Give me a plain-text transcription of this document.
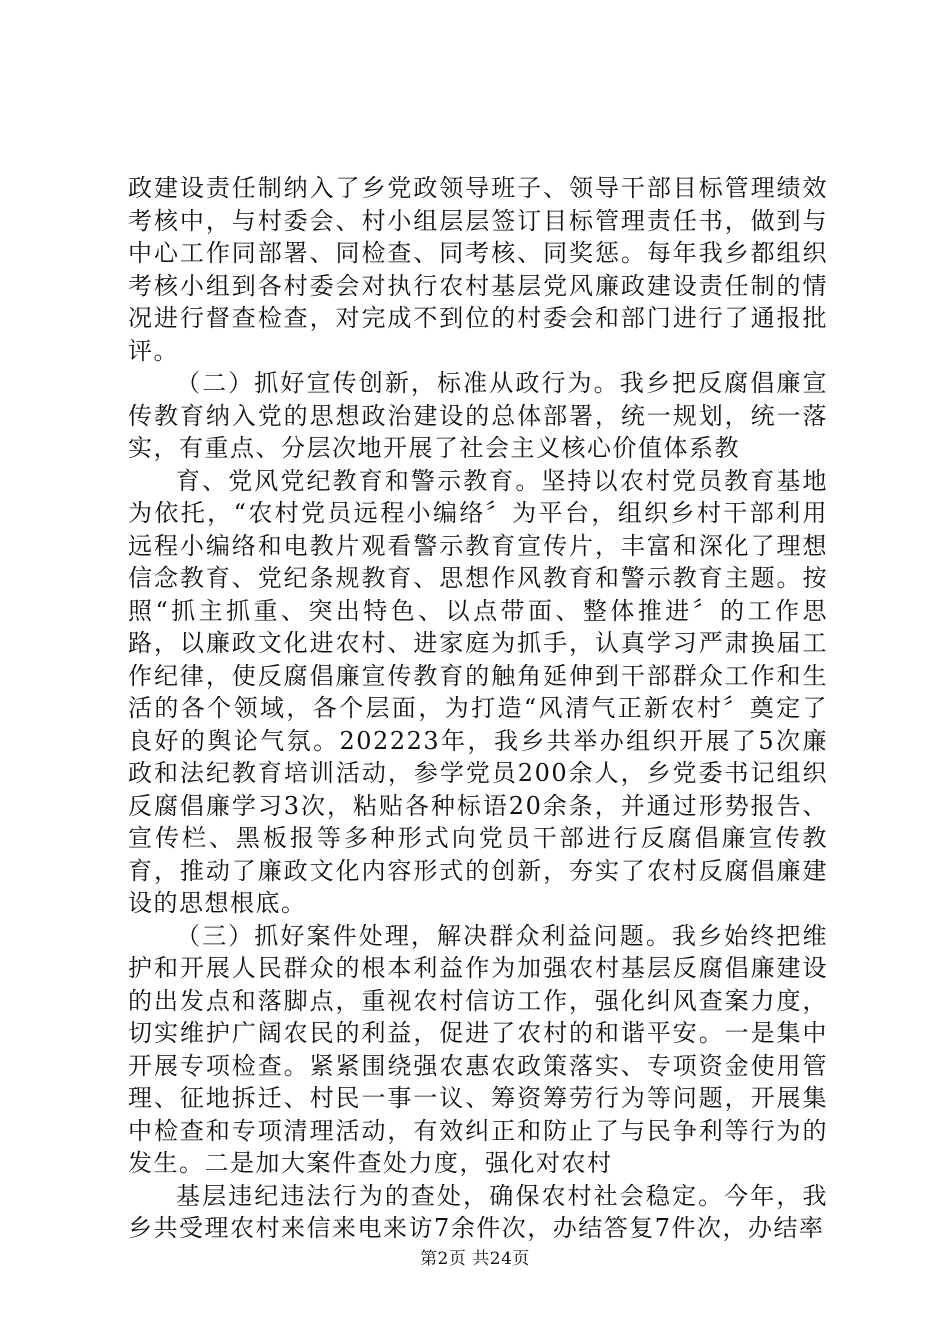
政建设责任制纳入了乡党政领导班子、领导干部目标管理绩效考核中，与村委会、村小组层层签订目标管理责任书，做到与中心工作同部署、同检查、同考核、同奖惩。每年我乡都组织考核小组到各村委会对执行农村基层党风廉政建设责任制的情况进行督查检查，对完成不到位的村委会和部门进行了通报批评。

（二）抓好宣传创新，标准从政行为。我乡把反腐倡廉宣传教育纳入党的思想政治建设的总体部署，统一规划，统一落实，有重点、分层次地开展了社会主义核心价值体系教

育、党风党纪教育和警示教育。坚持以农村党员教育基地为依托，“农村党员远程小编络〞为平台，组织乡村干部利用远程小编络和电教片观看警示教育宣传片，丰富和深化了理想信念教育、党纪条规教育、思想作风教育和警示教育主题。按照“抓主抓重、突出特色、以点带面、整体推进〞的工作思路，以廉政文化进农村、进家庭为抓手，认真学习严肃换届工作纪律，使反腐倡廉宣传教育的触角延伸到干部群众工作和生活的各个领域，各个层面，为打造“风清气正新农村〞奠定了良好的舆论气氛。202223年，我乡共举办组织开展了5次廉政和法纪教育培训活动，参学党员200余人，乡党委书记组织反腐倡廉学习3次，粘贴各种标语20余条，并通过形势报告、宣传栏、黑板报等多种形式向党员干部进行反腐倡廉宣传教育，推动了廉政文化内容形式的创新，夯实了农村反腐倡廉建设的思想根底。

（三）抓好案件处理，解决群众利益问题。我乡始终把维护和开展人民群众的根本利益作为加强农村基层反腐倡廉建设的出发点和落脚点，重视农村信访工作，强化纠风查案力度，切实维护广阔农民的利益，促进了农村的和谐平安。一是集中开展专项检查。紧紧围绕强农惠农政策落实、专项资金使用管理、征地拆迁、村民一事一议、筹资筹劳行为等问题，开展集中检查和专项清理活动，有效纠正和防止了与民争利等行为的发生。二是加大案件查处力度，强化对农村

基层违纪违法行为的查处，确保农村社会稳定。今年，我乡共受理农村来信来电来访7余件次，办结答复7件次，办结率

第2页 共24页
